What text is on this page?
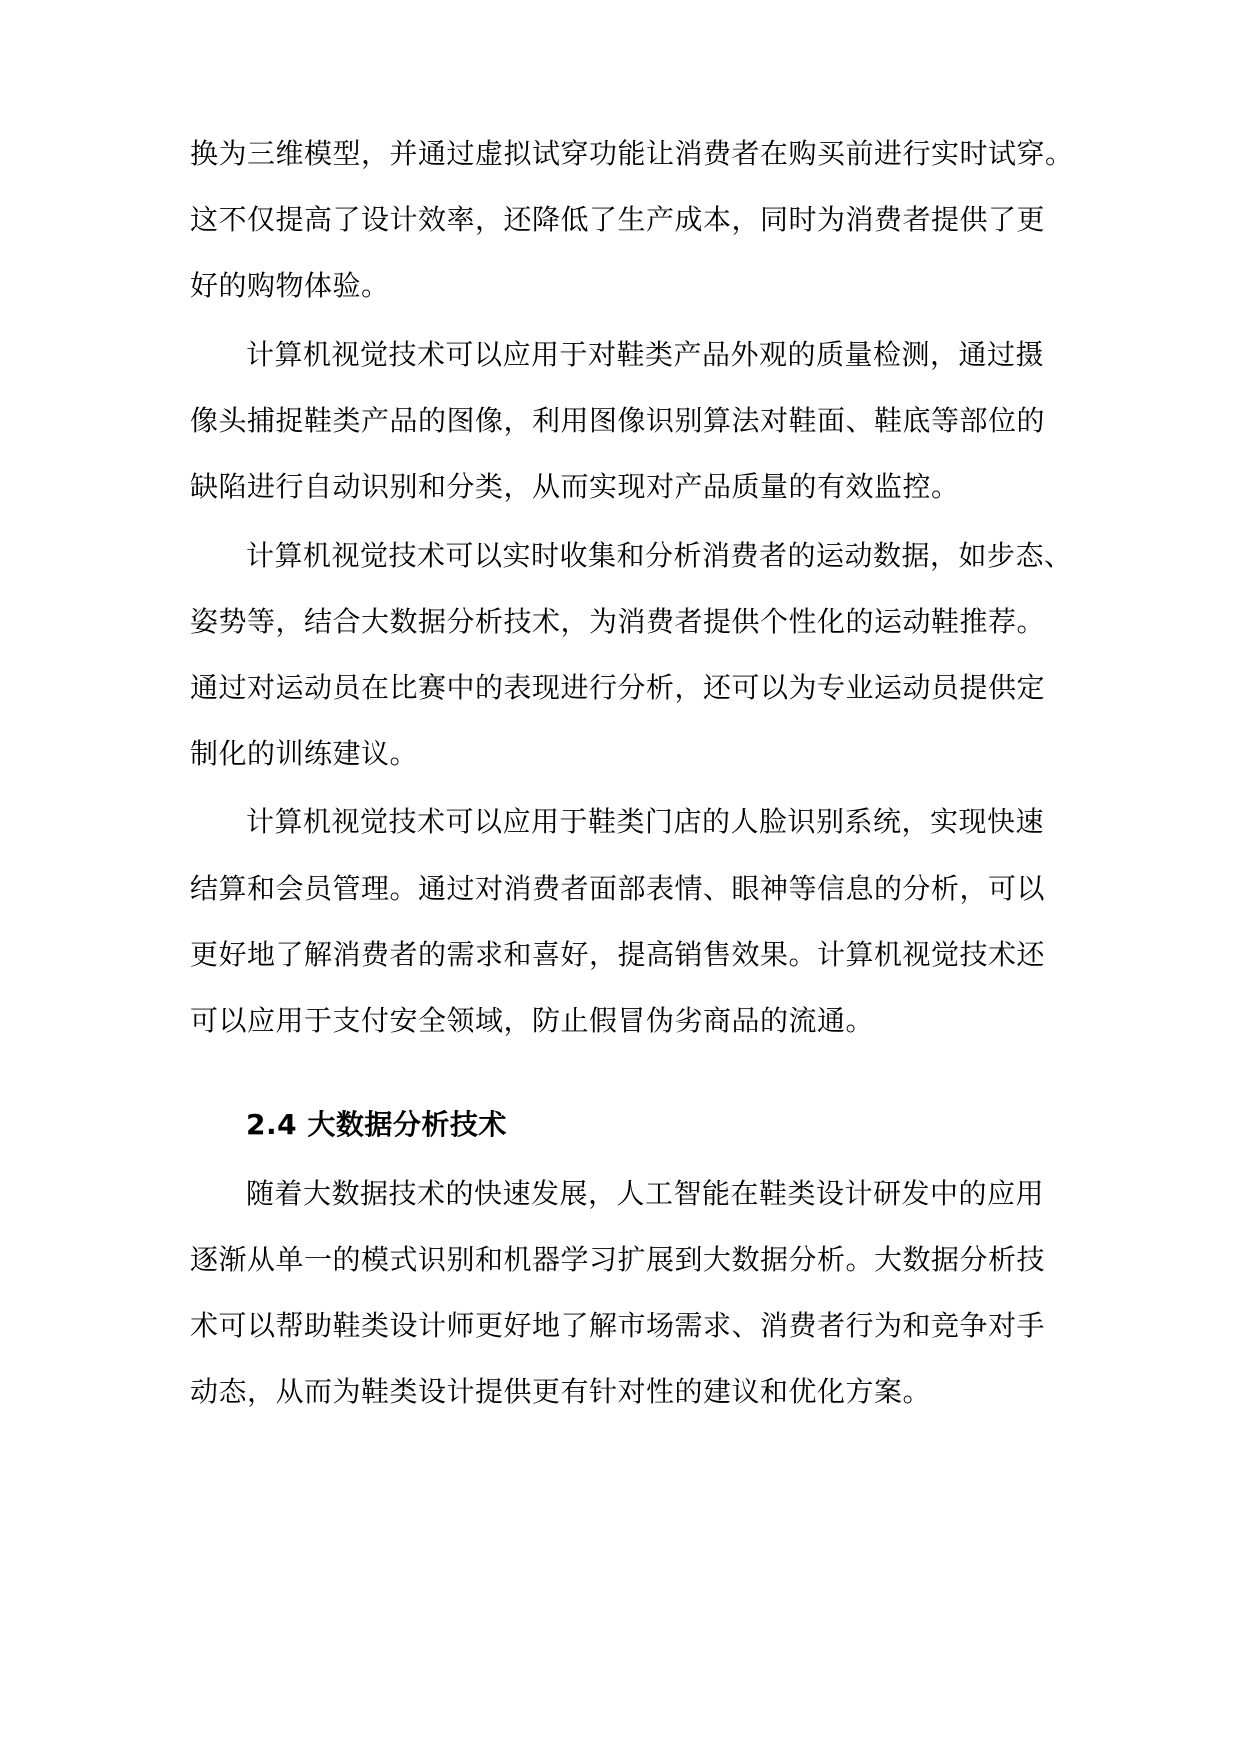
换为三维模型，并通过虚拟试穿功能让消费者在购买前进行实时试穿。
这不仅提高了设计效率，还降低了生产成本，同时为消费者提供了更
好的购物体验。
计算机视觉技术可以应用于对鞋类产品外观的质量检测，通过摄
像头捕捉鞋类产品的图像，利用图像识别算法对鞋面、鞋底等部位的
缺陷进行自动识别和分类，从而实现对产品质量的有效监控。
计算机视觉技术可以实时收集和分析消费者的运动数据，如步态、
姿势等，结合大数据分析技术，为消费者提供个性化的运动鞋推荐。
通过对运动员在比赛中的表现进行分析，还可以为专业运动员提供定
制化的训练建议。
计算机视觉技术可以应用于鞋类门店的人脸识别系统，实现快速
结算和会员管理。通过对消费者面部表情、眼神等信息的分析，可以
更好地了解消费者的需求和喜好，提高销售效果。计算机视觉技术还
可以应用于支付安全领域，防止假冒伪劣商品的流通。
2.4 大数据分析技术
随着大数据技术的快速发展，人工智能在鞋类设计研发中的应用
逐渐从单一的模式识别和机器学习扩展到大数据分析。大数据分析技
术可以帮助鞋类设计师更好地了解市场需求、消费者行为和竞争对手
动态，从而为鞋类设计提供更有针对性的建议和优化方案。
